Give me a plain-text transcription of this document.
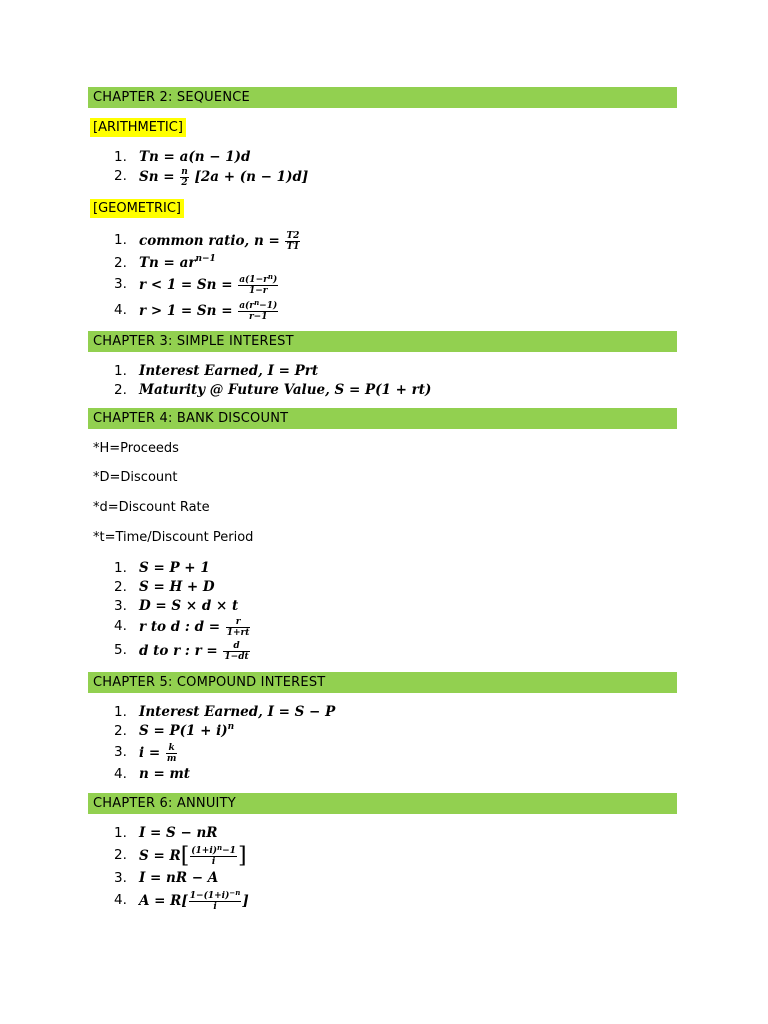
CHAPTER 2: SEQUENCE
[ARITHMETIC]
1. Tn = a(n − 1)d
2. $Sn = \frac{n}{2} [2a + (n - 1)d]$
[GEOMETRIC]
1. common ratio, $n = \frac{T2}{T1}$
2. $Tn = ar^{n-1}$
3. $r < 1 = Sn = \frac{a(1-r^n)}{1-r}$
4. $r > 1 = Sn = \frac{a(r^n-1)}{r-1}$
CHAPTER 3: SIMPLE INTEREST
1. Interest Earned, I = Prt
2. Maturity @ Future Value, S = P(1 + rt)
CHAPTER 4: BANK DISCOUNT
*H=Proceeds
*D=Discount
*d=Discount Rate
*t=Time/Discount Period
1. S = P + 1
2. S = H + D
3. D = S × d × t
4. r to d : $d = \frac{r}{1+rt}$
5. d to r : $r = \frac{d}{1-dt}$
CHAPTER 5: COMPOUND INTEREST
1. Interest Earned, I = S − P
2. $S = P(1 + i)^n$
3. $i = \frac{k}{m}$
4. n = mt
CHAPTER 6: ANNUITY
1. I = S − nR
2. $S = R[ \frac{(1+i)^n-1}{i}$ ]
3. I = nR − A
4. $A = R[ \frac{1-(1+i)^{-n}}{i}$ ]
